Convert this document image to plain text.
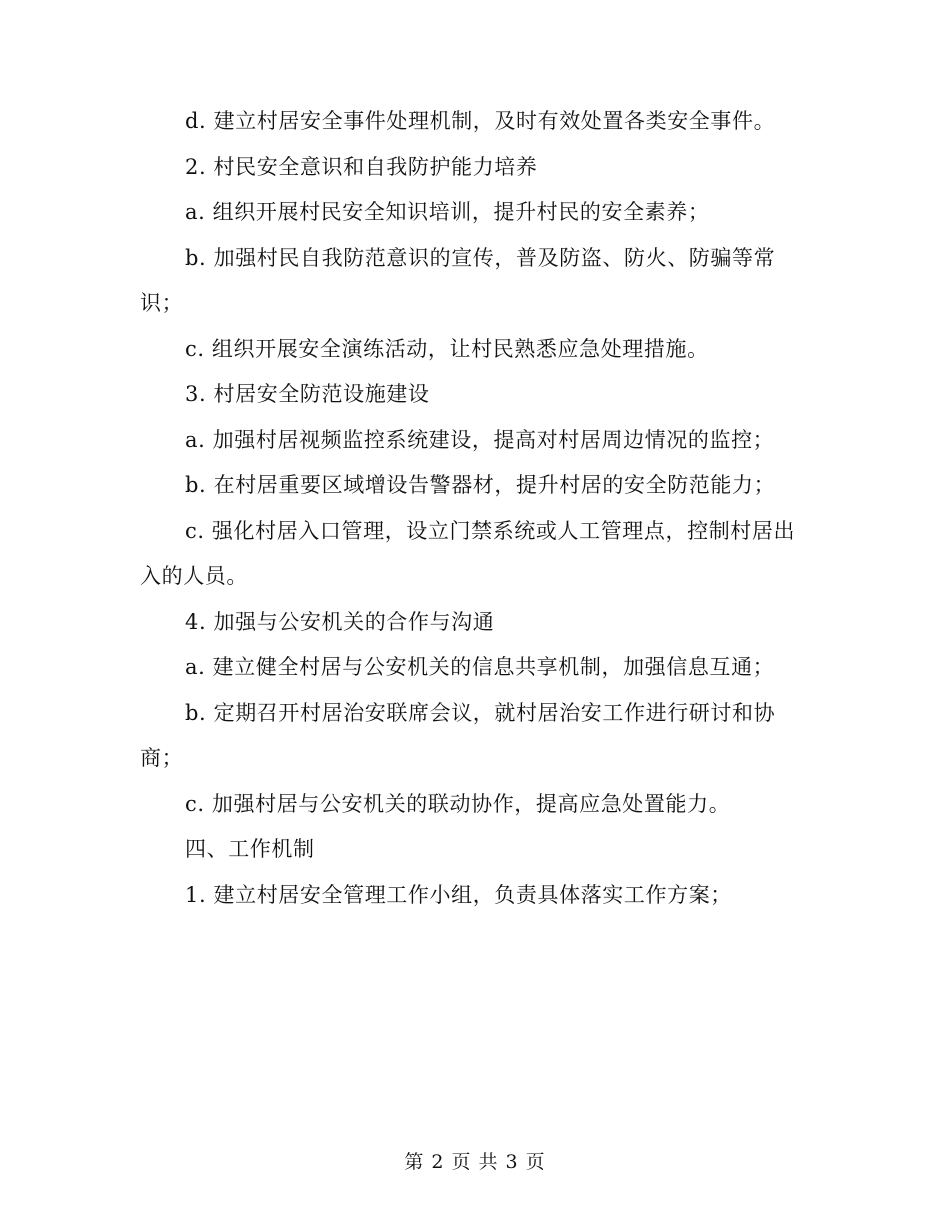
d. 建立村居安全事件处理机制，及时有效处置各类安全事件。

2. 村民安全意识和自我防护能力培养

a. 组织开展村民安全知识培训，提升村民的安全素养；

b. 加强村民自我防范意识的宣传，普及防盗、防火、防骗等常识；

c. 组织开展安全演练活动，让村民熟悉应急处理措施。

3. 村居安全防范设施建设

a. 加强村居视频监控系统建设，提高对村居周边情况的监控；

b. 在村居重要区域增设告警器材，提升村居的安全防范能力；

c. 强化村居入口管理，设立门禁系统或人工管理点，控制村居出入的人员。

4. 加强与公安机关的合作与沟通

a. 建立健全村居与公安机关的信息共享机制，加强信息互通；

b. 定期召开村居治安联席会议，就村居治安工作进行研讨和协商；

c. 加强村居与公安机关的联动协作，提高应急处置能力。

四、工作机制

1. 建立村居安全管理工作小组，负责具体落实工作方案；

第 2 页 共 3 页
